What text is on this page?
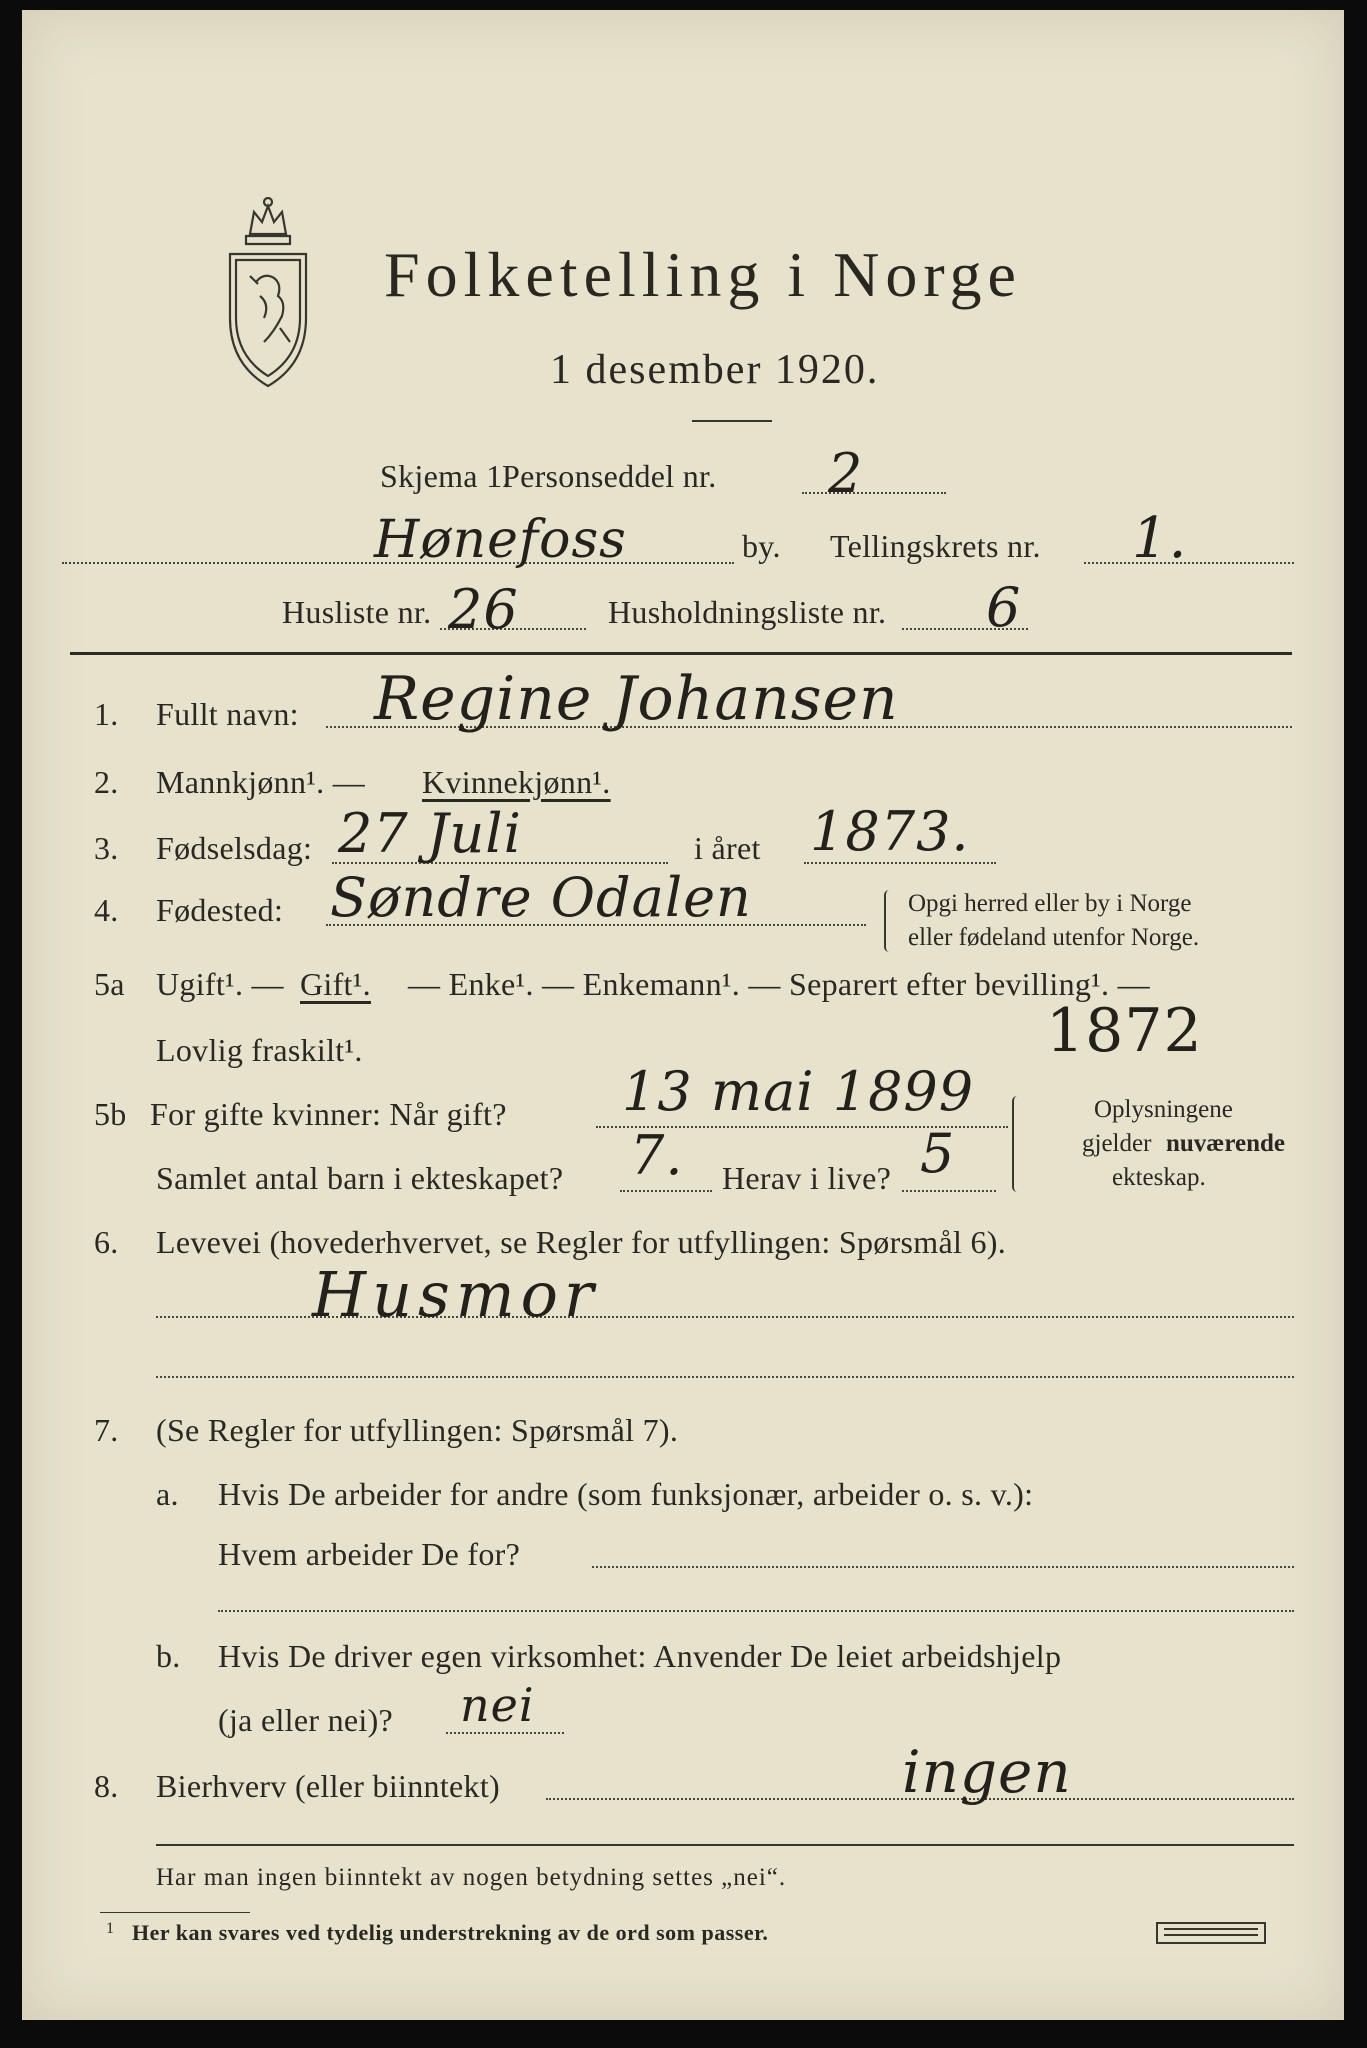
Folketelling i Norge
1 desember 1920.
Skjema 1.
Personseddel nr. 2
Hønefoss	by. Tellingskrets nr. 1.
Husliste nr. 26	Husholdningsliste nr. 6
1. Fullt navn: Regine Johansen
2. Mannkjønn¹. — Kvinnekjønn¹.
3. Fødselsdag: 27 Juli	i året 1873.
4. Fødested: Søndre Odalen	Opgi herred eller by i Norge
eller fødeland utenfor Norge.
5a Ugift¹. — Gift¹. — Enke¹. — Enkemann¹. — Separert efter bevilling¹. —
Lovlig fraskilt¹.	1872
5b For gifte kvinner: Når gift? 13 mai 1899
Samlet antal barn i ekteskapet? 7. Herav i live? 5
Oplysningene
gjelder nuværende
ekteskap.
6. Levevei (hovederhvervet, se Regler for utfyllingen: Spørsmål 6).
Husmor
7. (Se Regler for utfyllingen: Spørsmål 7).
a. Hvis De arbeider for andre (som funksjonær, arbeider o. s. v.):
Hvem arbeider De for?
b. Hvis De driver egen virksomhet: Anvender De leiet arbeidshjelp
(ja eller nei)? nei
8. Bierhverv (eller biinntekt)	ingen
Har man ingen biinntekt av nogen betydning settes „nei“.
1 Her kan svares ved tydelig understrekning av de ord som passer.
